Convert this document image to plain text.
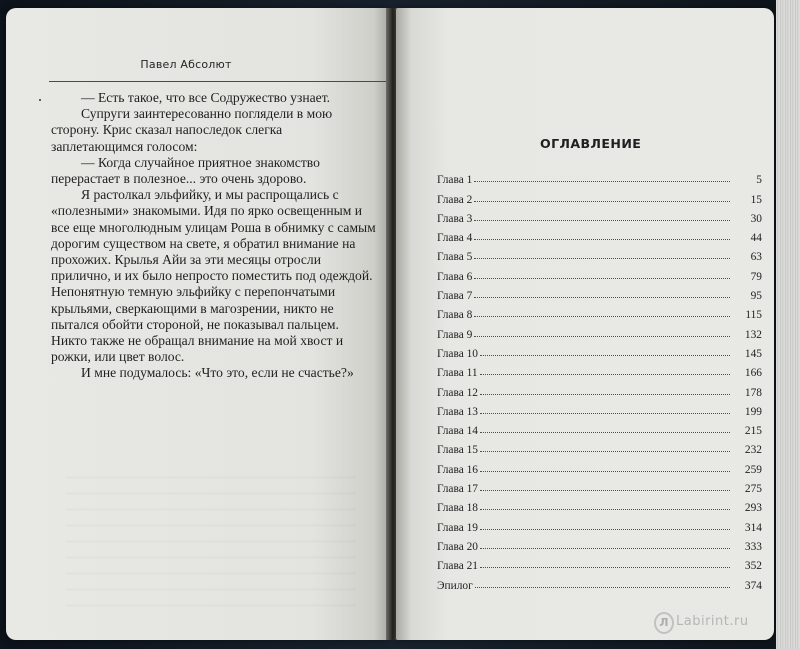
Павел Абсолют

— Есть такое, что все Содружество узнает.

Супруги заинтересованно поглядели в мою сторону. Крис сказал напоследок слегка заплетающимся голосом:

— Когда случайное приятное знакомство перерастает в полезное... это очень здорово.

Я растолкал эльфийку, и мы распрощались с «полезными» знакомыми. Идя по ярко освещенным и все еще многолюдным улицам Роша в обнимку с самым дорогим существом на свете, я обратил внимание на прохожих. Крылья Айи за эти месяцы отросли прилично, и их было непросто поместить под одеждой. Непонятную темную эльфийку с перепончатыми крыльями, сверкающими в магозрении, никто не пытался обойти стороной, не показывал пальцем. Никто также не обращал внимание на мой хвост и рожки, или цвет волос.

И мне подумалось: «Что это, если не счастье?»

ОГЛАВЛЕНИЕ
Глава 1	5
Глава 2	15
Глава 3	30
Глава 4	44
Глава 5	63
Глава 6	79
Глава 7	95
Глава 8	115
Глава 9	132
Глава 10	145
Глава 11	166
Глава 12	178
Глава 13	199
Глава 14	215
Глава 15	232
Глава 16	259
Глава 17	275
Глава 18	293
Глава 19	314
Глава 20	333
Глава 21	352
Эпилог	374
Л Labirint.ru
